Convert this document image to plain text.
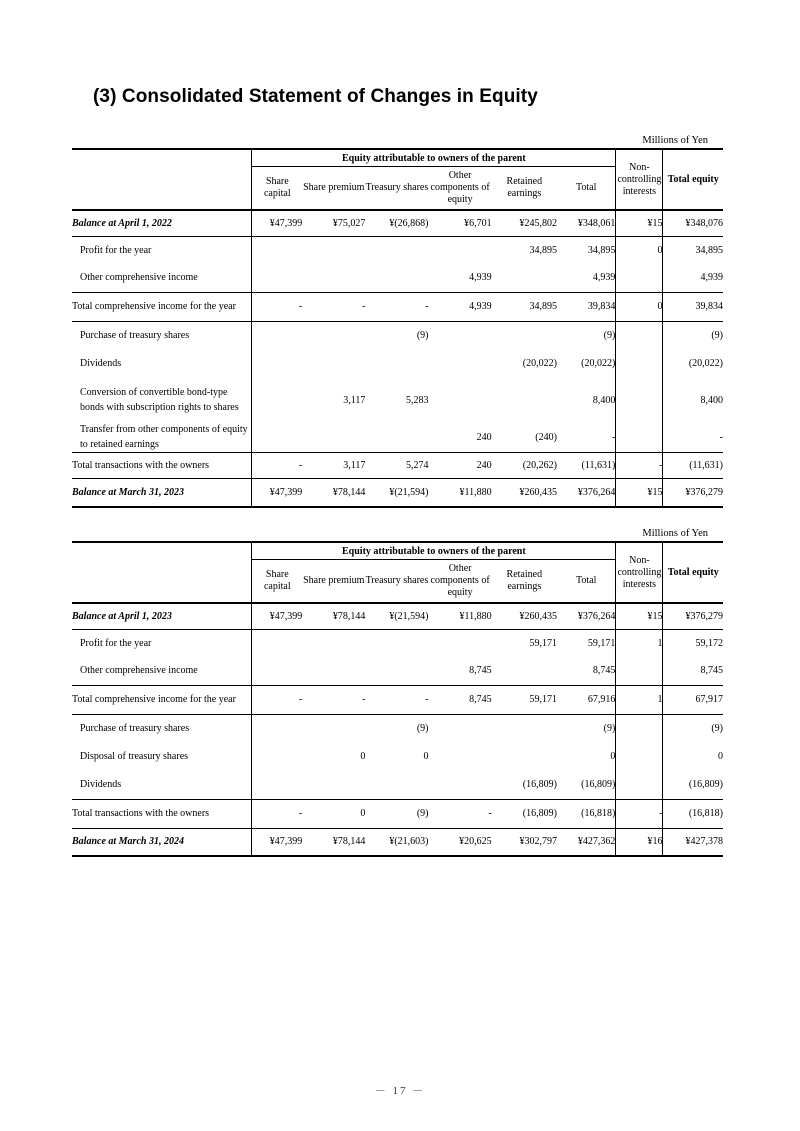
(3) Consolidated Statement of Changes in Equity
Millions of Yen
	Equity attributable to owners of the parent						Non-controlling interests	Total equity
	Share capital	Share premium	Treasury shares	Other components of equity	Retained earnings	Total		
Balance at April 1, 2022	¥47,399	¥75,027	¥(26,868)	¥6,701	¥245,802	¥348,061	¥15	¥348,076
Profit for the year					34,895	34,895	0	34,895
Other comprehensive income				4,939		4,939		4,939
Total comprehensive income for the year	-	-	-	4,939	34,895	39,834	0	39,834
Purchase of treasury shares			(9)			(9)		(9)
Dividends					(20,022)	(20,022)		(20,022)
Conversion of convertible bond-type bonds with subscription rights to shares		3,117	5,283			8,400		8,400
Transfer from other components of equity to retained earnings				240	(240)	-		-
Total transactions with the owners	-	3,117	5,274	240	(20,262)	(11,631)	-	(11,631)
Balance at March 31, 2023	¥47,399	¥78,144	¥(21,594)	¥11,880	¥260,435	¥376,264	¥15	¥376,279
Millions of Yen
	Equity attributable to owners of the parent						Non-controlling interests	Total equity
	Share capital	Share premium	Treasury shares	Other components of equity	Retained earnings	Total		
Balance at April 1, 2023	¥47,399	¥78,144	¥(21,594)	¥11,880	¥260,435	¥376,264	¥15	¥376,279
Profit for the year					59,171	59,171	1	59,172
Other comprehensive income				8,745		8,745		8,745
Total comprehensive income for the year	-	-	-	8,745	59,171	67,916	1	67,917
Purchase of treasury shares			(9)			(9)		(9)
Disposal of treasury shares		0	0			0		0
Dividends					(16,809)	(16,809)		(16,809)
Total transactions with the owners	-	0	(9)	-	(16,809)	(16,818)	-	(16,818)
Balance at March 31, 2024	¥47,399	¥78,144	¥(21,603)	¥20,625	¥302,797	¥427,362	¥16	¥427,378
－ 17 －
